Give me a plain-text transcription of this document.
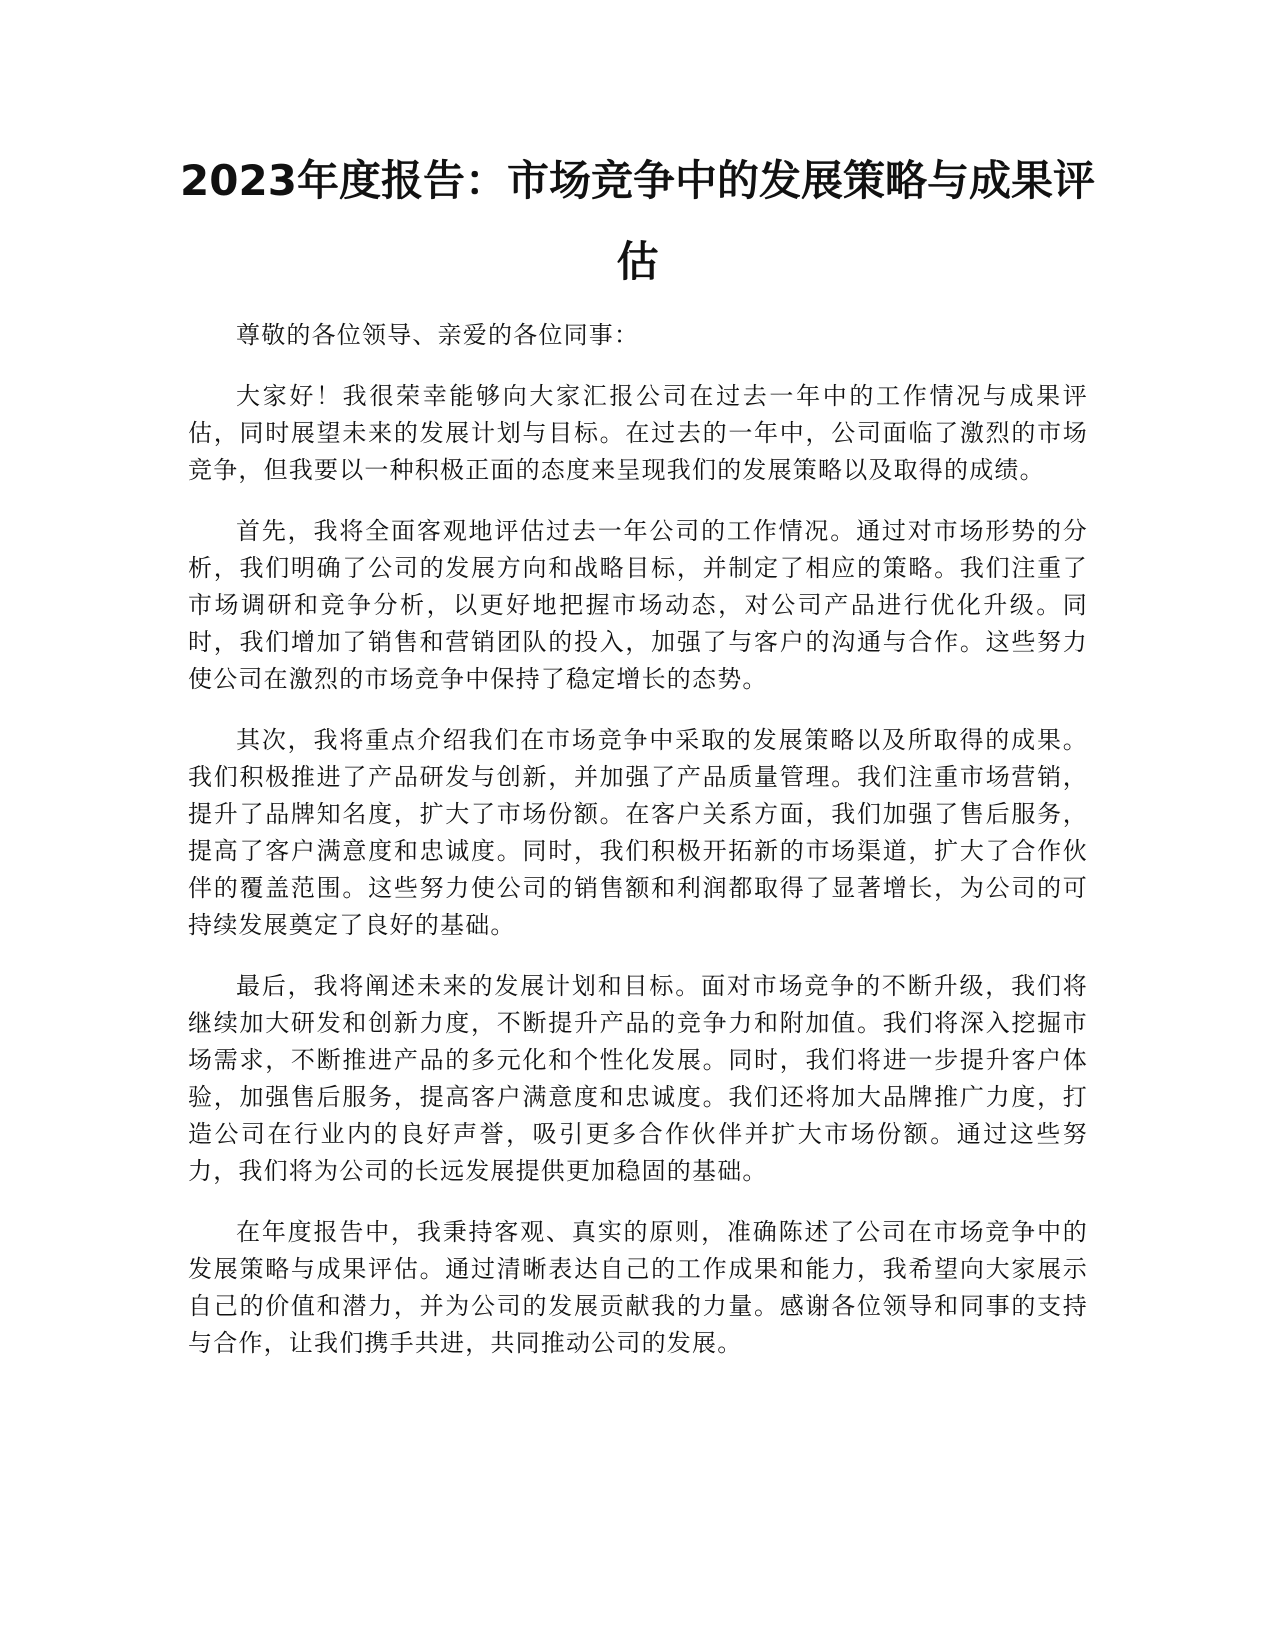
2023年度报告：市场竞争中的发展策略与成果评估

尊敬的各位领导、亲爱的各位同事：

大家好！我很荣幸能够向大家汇报公司在过去一年中的工作情况与成果评估，同时展望未来的发展计划与目标。在过去的一年中，公司面临了激烈的市场竞争，但我要以一种积极正面的态度来呈现我们的发展策略以及取得的成绩。

首先，我将全面客观地评估过去一年公司的工作情况。通过对市场形势的分析，我们明确了公司的发展方向和战略目标，并制定了相应的策略。我们注重了市场调研和竞争分析，以更好地把握市场动态，对公司产品进行优化升级。同时，我们增加了销售和营销团队的投入，加强了与客户的沟通与合作。这些努力使公司在激烈的市场竞争中保持了稳定增长的态势。

其次，我将重点介绍我们在市场竞争中采取的发展策略以及所取得的成果。我们积极推进了产品研发与创新，并加强了产品质量管理。我们注重市场营销，提升了品牌知名度，扩大了市场份额。在客户关系方面，我们加强了售后服务，提高了客户满意度和忠诚度。同时，我们积极开拓新的市场渠道，扩大了合作伙伴的覆盖范围。这些努力使公司的销售额和利润都取得了显著增长，为公司的可持续发展奠定了良好的基础。

最后，我将阐述未来的发展计划和目标。面对市场竞争的不断升级，我们将继续加大研发和创新力度，不断提升产品的竞争力和附加值。我们将深入挖掘市场需求，不断推进产品的多元化和个性化发展。同时，我们将进一步提升客户体验，加强售后服务，提高客户满意度和忠诚度。我们还将加大品牌推广力度，打造公司在行业内的良好声誉，吸引更多合作伙伴并扩大市场份额。通过这些努力，我们将为公司的长远发展提供更加稳固的基础。

在年度报告中，我秉持客观、真实的原则，准确陈述了公司在市场竞争中的发展策略与成果评估。通过清晰表达自己的工作成果和能力，我希望向大家展示自己的价值和潜力，并为公司的发展贡献我的力量。感谢各位领导和同事的支持与合作，让我们携手共进，共同推动公司的发展。
